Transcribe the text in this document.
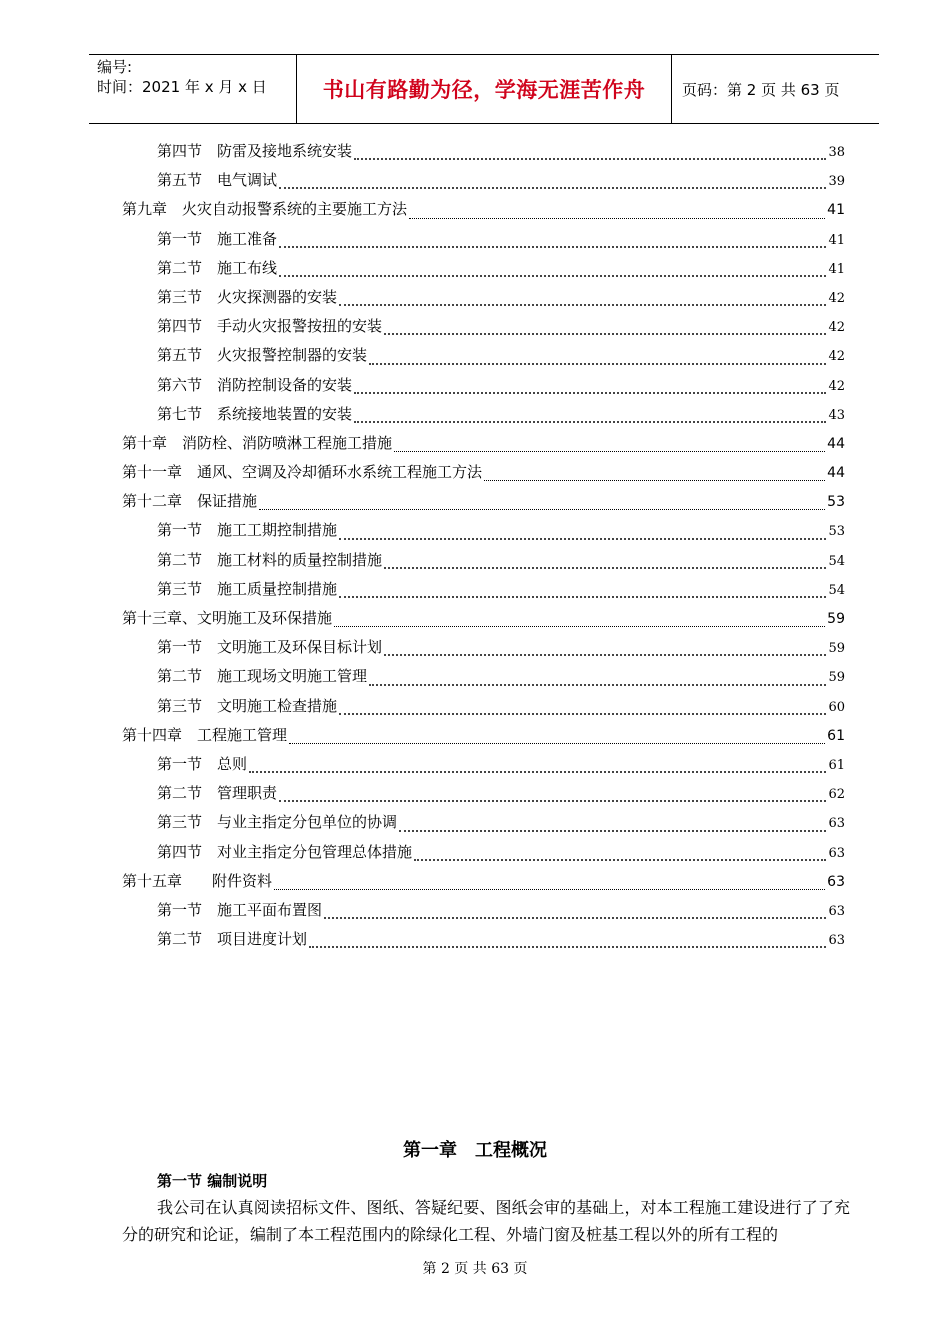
编号:
时间：2021 年 x 月 x 日	书山有路勤为径，学海无涯苦作舟 页码：第 2 页 共 63 页
第四节　防雷及接地系统安装	38
第五节　电气调试	39
第九章　火灾自动报警系统的主要施工方法	41
第一节　施工准备	41
第二节　施工布线	41
第三节　火灾探测器的安装	42
第四节　手动火灾报警按扭的安装	42
第五节　火灾报警控制器的安装	42
第六节　消防控制设备的安装	42
第七节　系统接地装置的安装	43
第十章　消防栓、消防喷淋工程施工措施	44
第十一章　通风、空调及冷却循环水系统工程施工方法	44
第十二章　保证措施	53
第一节　施工工期控制措施	53
第二节　施工材料的质量控制措施	54
第三节　施工质量控制措施	54
第十三章、文明施工及环保措施	59
第一节　文明施工及环保目标计划	59
第二节　施工现场文明施工管理	59
第三节　文明施工检查措施	60
第十四章　工程施工管理	61
第一节　总则	61
第二节　管理职责	62
第三节　与业主指定分包单位的协调	63
第四节　对业主指定分包管理总体措施	63
第十五章　　附件资料	63
第一节　施工平面布置图	63
第二节　项目进度计划	63
第一章　工程概况
第一节 编制说明
我公司在认真阅读招标文件、图纸、答疑纪要、图纸会审的基础上，对本工程施工建设进行了了充分的研究和论证，编制了本工程范围内的除绿化工程、外墙门窗及桩基工程以外的所有工程的
第 2 页 共 63 页
